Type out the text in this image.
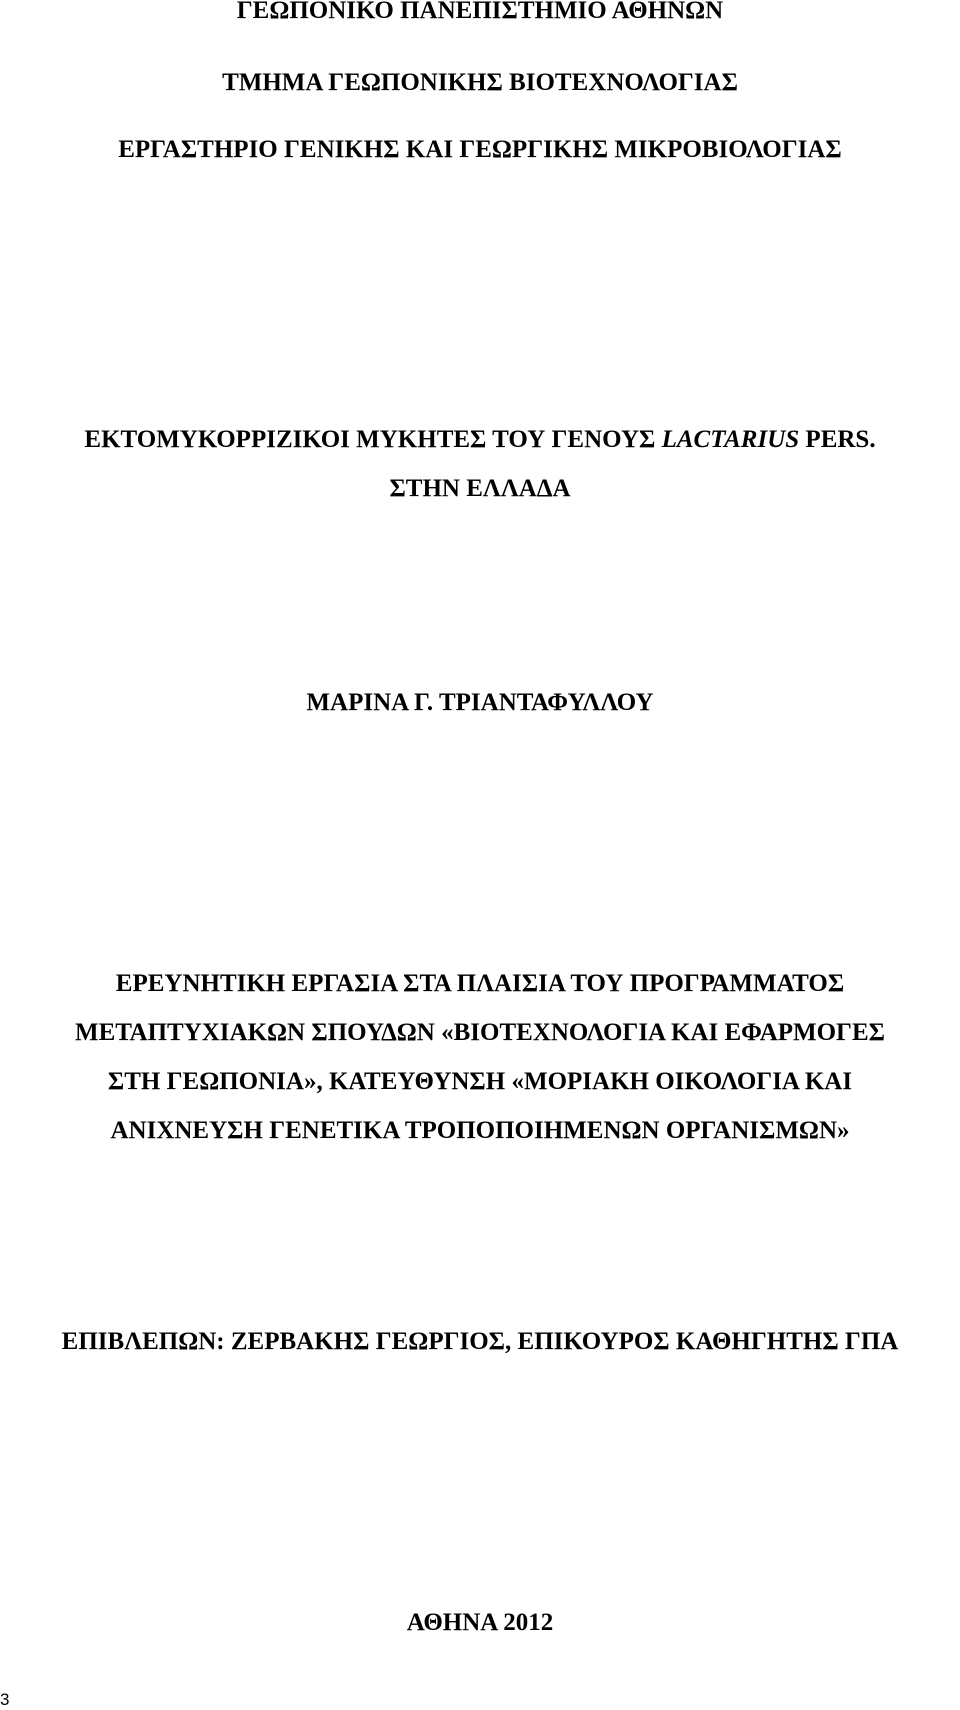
ΓΕΩΠΟΝΙΚΟ ΠΑΝΕΠΙΣΤΗΜΙΟ ΑΘΗΝΩΝ
ΤΜΗΜΑ ΓΕΩΠΟΝΙΚΗΣ ΒΙΟΤΕΧΝΟΛΟΓΙΑΣ
ΕΡΓΑΣΤΗΡΙΟ ΓΕΝΙΚΗΣ ΚΑΙ ΓΕΩΡΓΙΚΗΣ ΜΙΚΡΟΒΙΟΛΟΓΙΑΣ
ΕΚΤΟΜΥΚΟΡΡΙΖΙΚΟΙ ΜΥΚΗΤΕΣ ΤΟΥ ΓΕΝΟΥΣ LACTARIUS PERS.
ΣΤΗΝ ΕΛΛΑΔΑ
ΜΑΡΙΝΑ Γ. ΤΡΙΑΝΤΑΦΥΛΛΟΥ
ΕΡΕΥΝΗΤΙΚΗ ΕΡΓΑΣΙΑ ΣΤΑ ΠΛΑΙΣΙΑ ΤΟΥ ΠΡΟΓΡΑΜΜΑΤΟΣ
ΜΕΤΑΠΤΥΧΙΑΚΩΝ ΣΠΟΥΔΩΝ «ΒΙΟΤΕΧΝΟΛΟΓΙΑ ΚΑΙ ΕΦΑΡΜΟΓΕΣ
ΣΤΗ ΓΕΩΠΟΝΙΑ», ΚΑΤΕΥΘΥΝΣΗ «ΜΟΡΙΑΚΗ ΟΙΚΟΛΟΓΙΑ ΚΑΙ
ΑΝΙΧΝΕΥΣΗ ΓΕΝΕΤΙΚΑ ΤΡΟΠΟΠΟΙΗΜΕΝΩΝ ΟΡΓΑΝΙΣΜΩΝ»
ΕΠΙΒΛΕΠΩΝ: ΖΕΡΒΑΚΗΣ ΓΕΩΡΓΙΟΣ, ΕΠΙΚΟΥΡΟΣ ΚΑΘΗΓΗΤΗΣ ΓΠΑ
ΑΘΗΝΑ 2012
3
